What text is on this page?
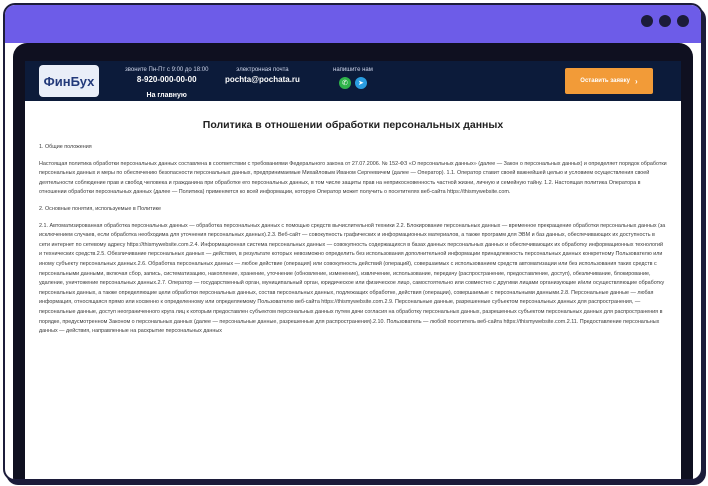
ФинБух
звоните Пн-Пт с 9:00 до 18:00
8-920-000-00-00
На главную
электронная почта
pochta@pochata.ru
напишите нам
✆	➤	Оставить заявку ›
Политика в отношении обработки персональных данных

1. Общие положения

Настоящая политика обработки персональных данных составлена в соответствии с требованиями Федерального закона от 27.07.2006. № 152-ФЗ «О персональных данных» (далее — Закон о персональных данных) и определяет порядок обработки персональных данных и меры по обеспечению безопасности персональных данных, предпринимаемые Михайловым Иваном Сергеевичем (далее — Оператор). 1.1. Оператор ставит своей важнейшей целью и условием осуществления своей деятельности соблюдение прав и свобод человека и гражданина при обработке его персональных данных, в том числе защиты прав на неприкосновенность частной жизни, личную и семейную тайну. 1.2. Настоящая политика Оператора в отношении обработки персональных данных (далее — Политика) применяется ко всей информации, которую Оператор может получить о посетителях веб-сайта https://thismywebsite.com.

2. Основные понятия, используемые в Политике

2.1. Автоматизированная обработка персональных данных — обработка персональных данных с помощью средств вычислительной техники 2.2. Блокирование персональных данных — временное прекращение обработки персональных данных (за исключением случаев, если обработка необходима для уточнения персональных данных).2.3. Веб-сайт — совокупность графических и информационных материалов, а также программ для ЭВМ и баз данных, обеспечивающих их доступность в сети интернет по сетевому адресу https://thismywebsite.com.2.4. Информационная система персональных данных — совокупность содержащихся в базах данных персональных данных и обеспечивающих их обработку информационных технологий и технических средств.2.5. Обезличивание персональных данных — действия, в результате которых невозможно определить без использования дополнительной информации принадлежность персональных данных конкретному Пользователю или иному субъекту персональных данных.2.6. Обработка персональных данных — любое действие (операция) или совокупность действий (операций), совершаемых с использованием средств автоматизации или без использования таких средств с персональными данными, включая сбор, запись, систематизацию, накопление, хранение, уточнение (обновление, изменение), извлечение, использование, передачу (распространение, предоставление, доступ), обезличивание, блокирование, удаление, уничтожение персональных данных.2.7. Оператор — государственный орган, муниципальный орган, юридическое или физическое лицо, самостоятельно или совместно с другими лицами организующие и/или осуществляющие обработку персональных данных, а также определяющие цели обработки персональных данных, состав персональных данных, подлежащих обработке, действия (операции), совершаемые с персональными данными.2.8. Персональные данные — любая информация, относящаяся прямо или косвенно к определенному или определяемому Пользователю веб-сайта https://thismywebsite.com.2.9. Персональные данные, разрешенные субъектом персональных данных для распространения, — персональные данные, доступ неограниченного круга лиц к которым предоставлен субъектом персональных данных путем дачи согласия на обработку персональных данных, разрешенных субъектом персональных данных для распространения в порядке, предусмотренном Законом о персональных данных (далее — персональные данные, разрешенные для распространения).2.10. Пользователь — любой посетитель веб-сайта https://thismywebsite.com.2.11. Предоставление персональных данных — действия, направленные на раскрытие персональных данных
